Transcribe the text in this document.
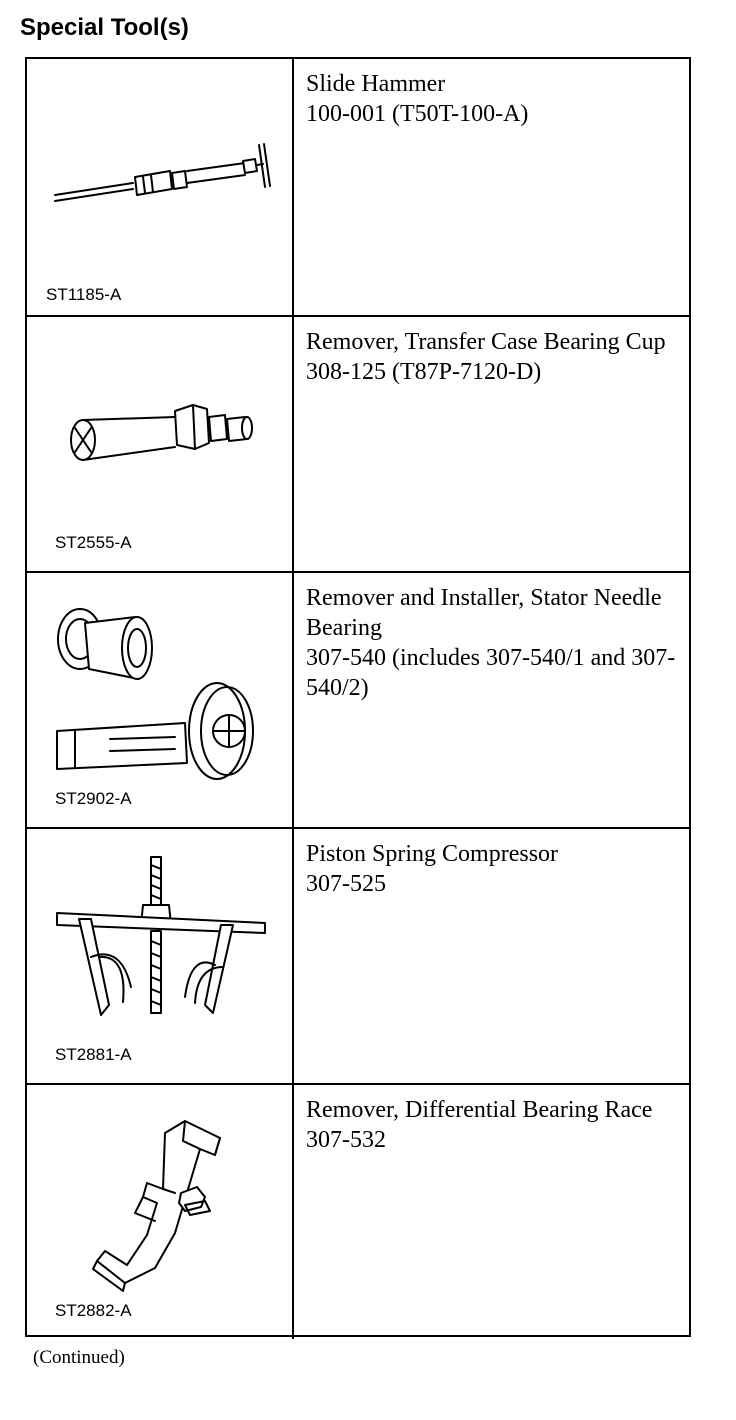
Special Tool(s)
ST1185-A
Slide Hammer
100-001 (T50T-100-A)
ST2555-A
Remover, Transfer Case Bearing Cup
308-125 (T87P-7120-D)
ST2902-A
Remover and Installer, Stator Needle Bearing
307-540 (includes 307-540/1 and 307-540/2)
ST2881-A
Piston Spring Compressor
307-525
ST2882-A
Remover, Differential Bearing Race
307-532
(Continued)
